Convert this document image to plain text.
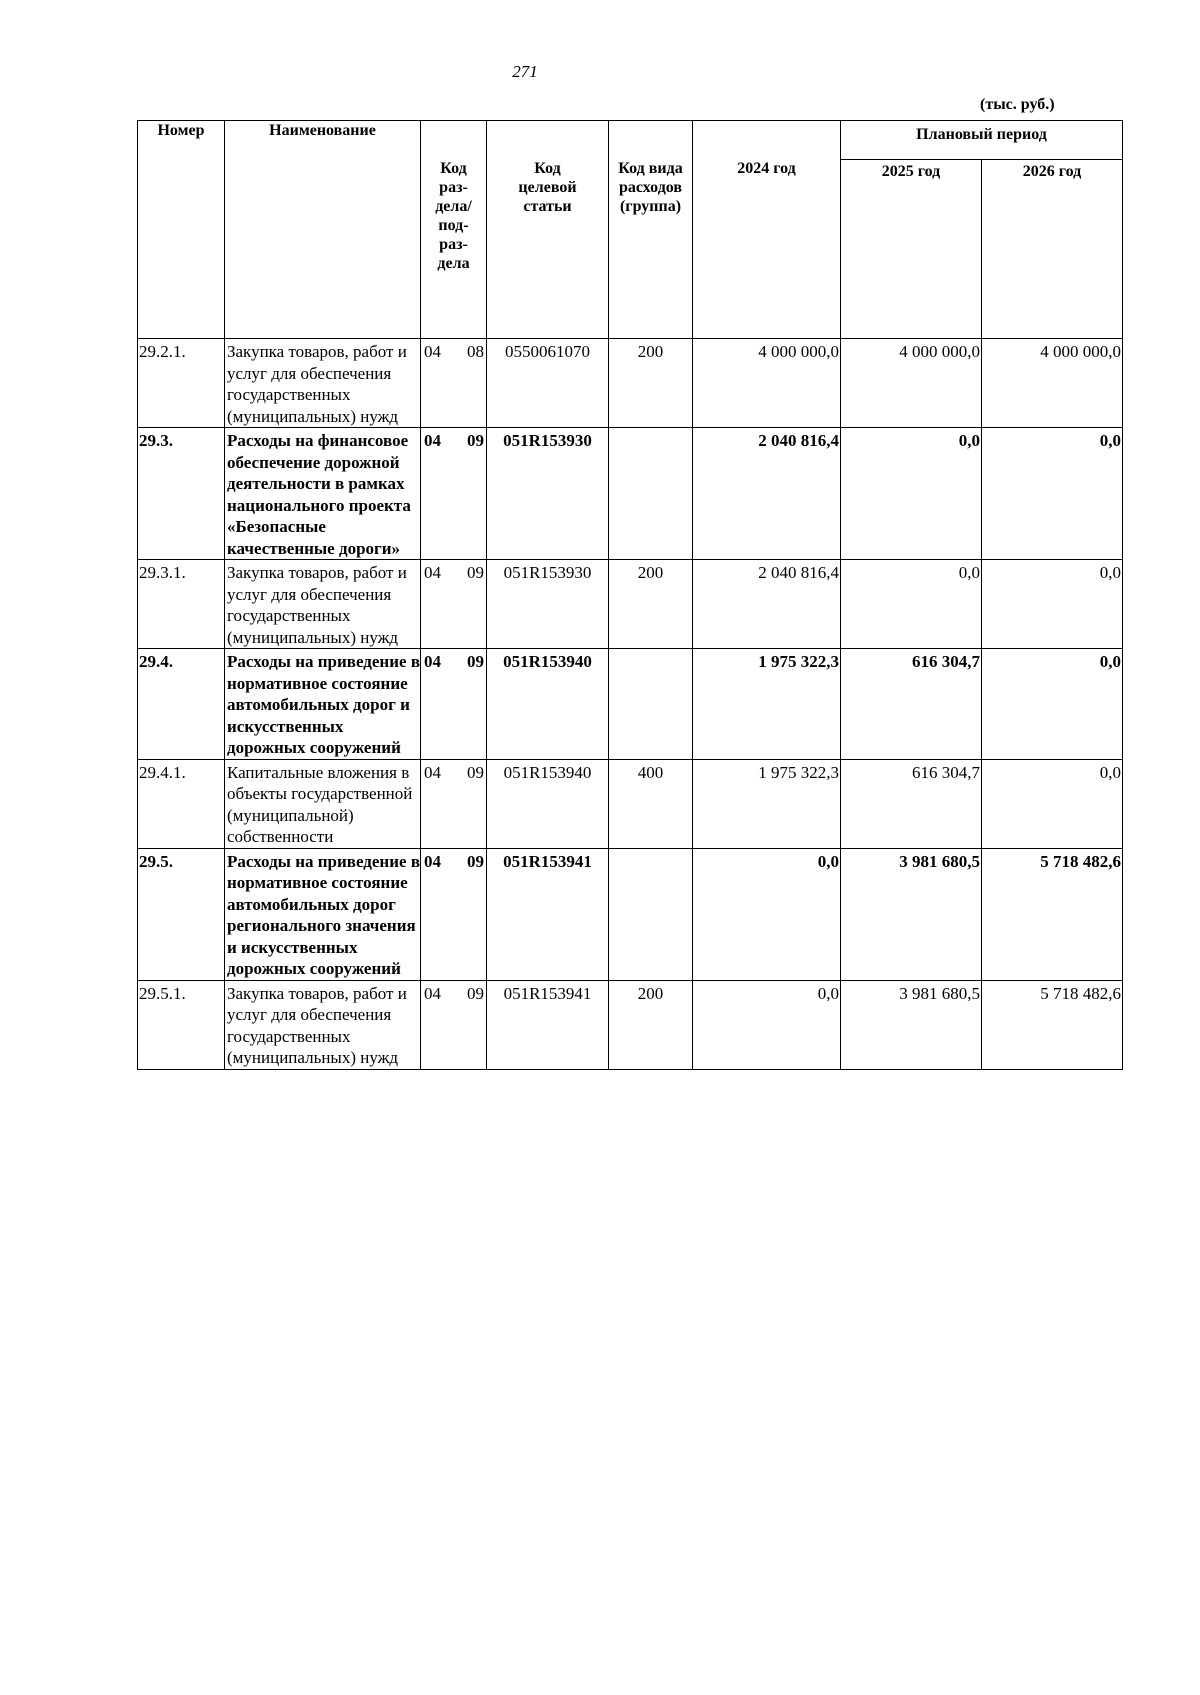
271
(тыс. руб.)
Номер	Наименование	Код раз- дела/ под- раз- дела	Код целевой статьи	Код вида расходов (группа)	2024 год	Плановый период	

						2025 год	2026 год

29.2.1.	Закупка товаров, работ и услуг для обеспечения государственных (муниципальных) нужд	04 08	0550061070	200	4 000 000,0	4 000 000,0	4 000 000,0
29.3.	Расходы на финансовое обеспечение дорожной деятельности в рамках национального проекта «Безопасные качественные дороги»	04 09	051R153930		2 040 816,4	0,0	0,0
29.3.1.	Закупка товаров, работ и услуг для обеспечения государственных (муниципальных) нужд	04 09	051R153930	200	2 040 816,4	0,0	0,0
29.4.	Расходы на приведение в нормативное состояние автомобильных дорог и искусственных дорожных сооружений	04 09	051R153940		1 975 322,3	616 304,7	0,0
29.4.1.	Капитальные вложения в объекты государственной (муниципальной) собственности	04 09	051R153940	400	1 975 322,3	616 304,7	0,0
29.5.	Расходы на приведение в нормативное состояние автомобильных дорог регионального значения и искусственных дорожных сооружений	04 09	051R153941		0,0	3 981 680,5	5 718 482,6
29.5.1.	Закупка товаров, работ и услуг для обеспечения государственных (муниципальных) нужд	04 09	051R153941	200	0,0	3 981 680,5	5 718 482,6
